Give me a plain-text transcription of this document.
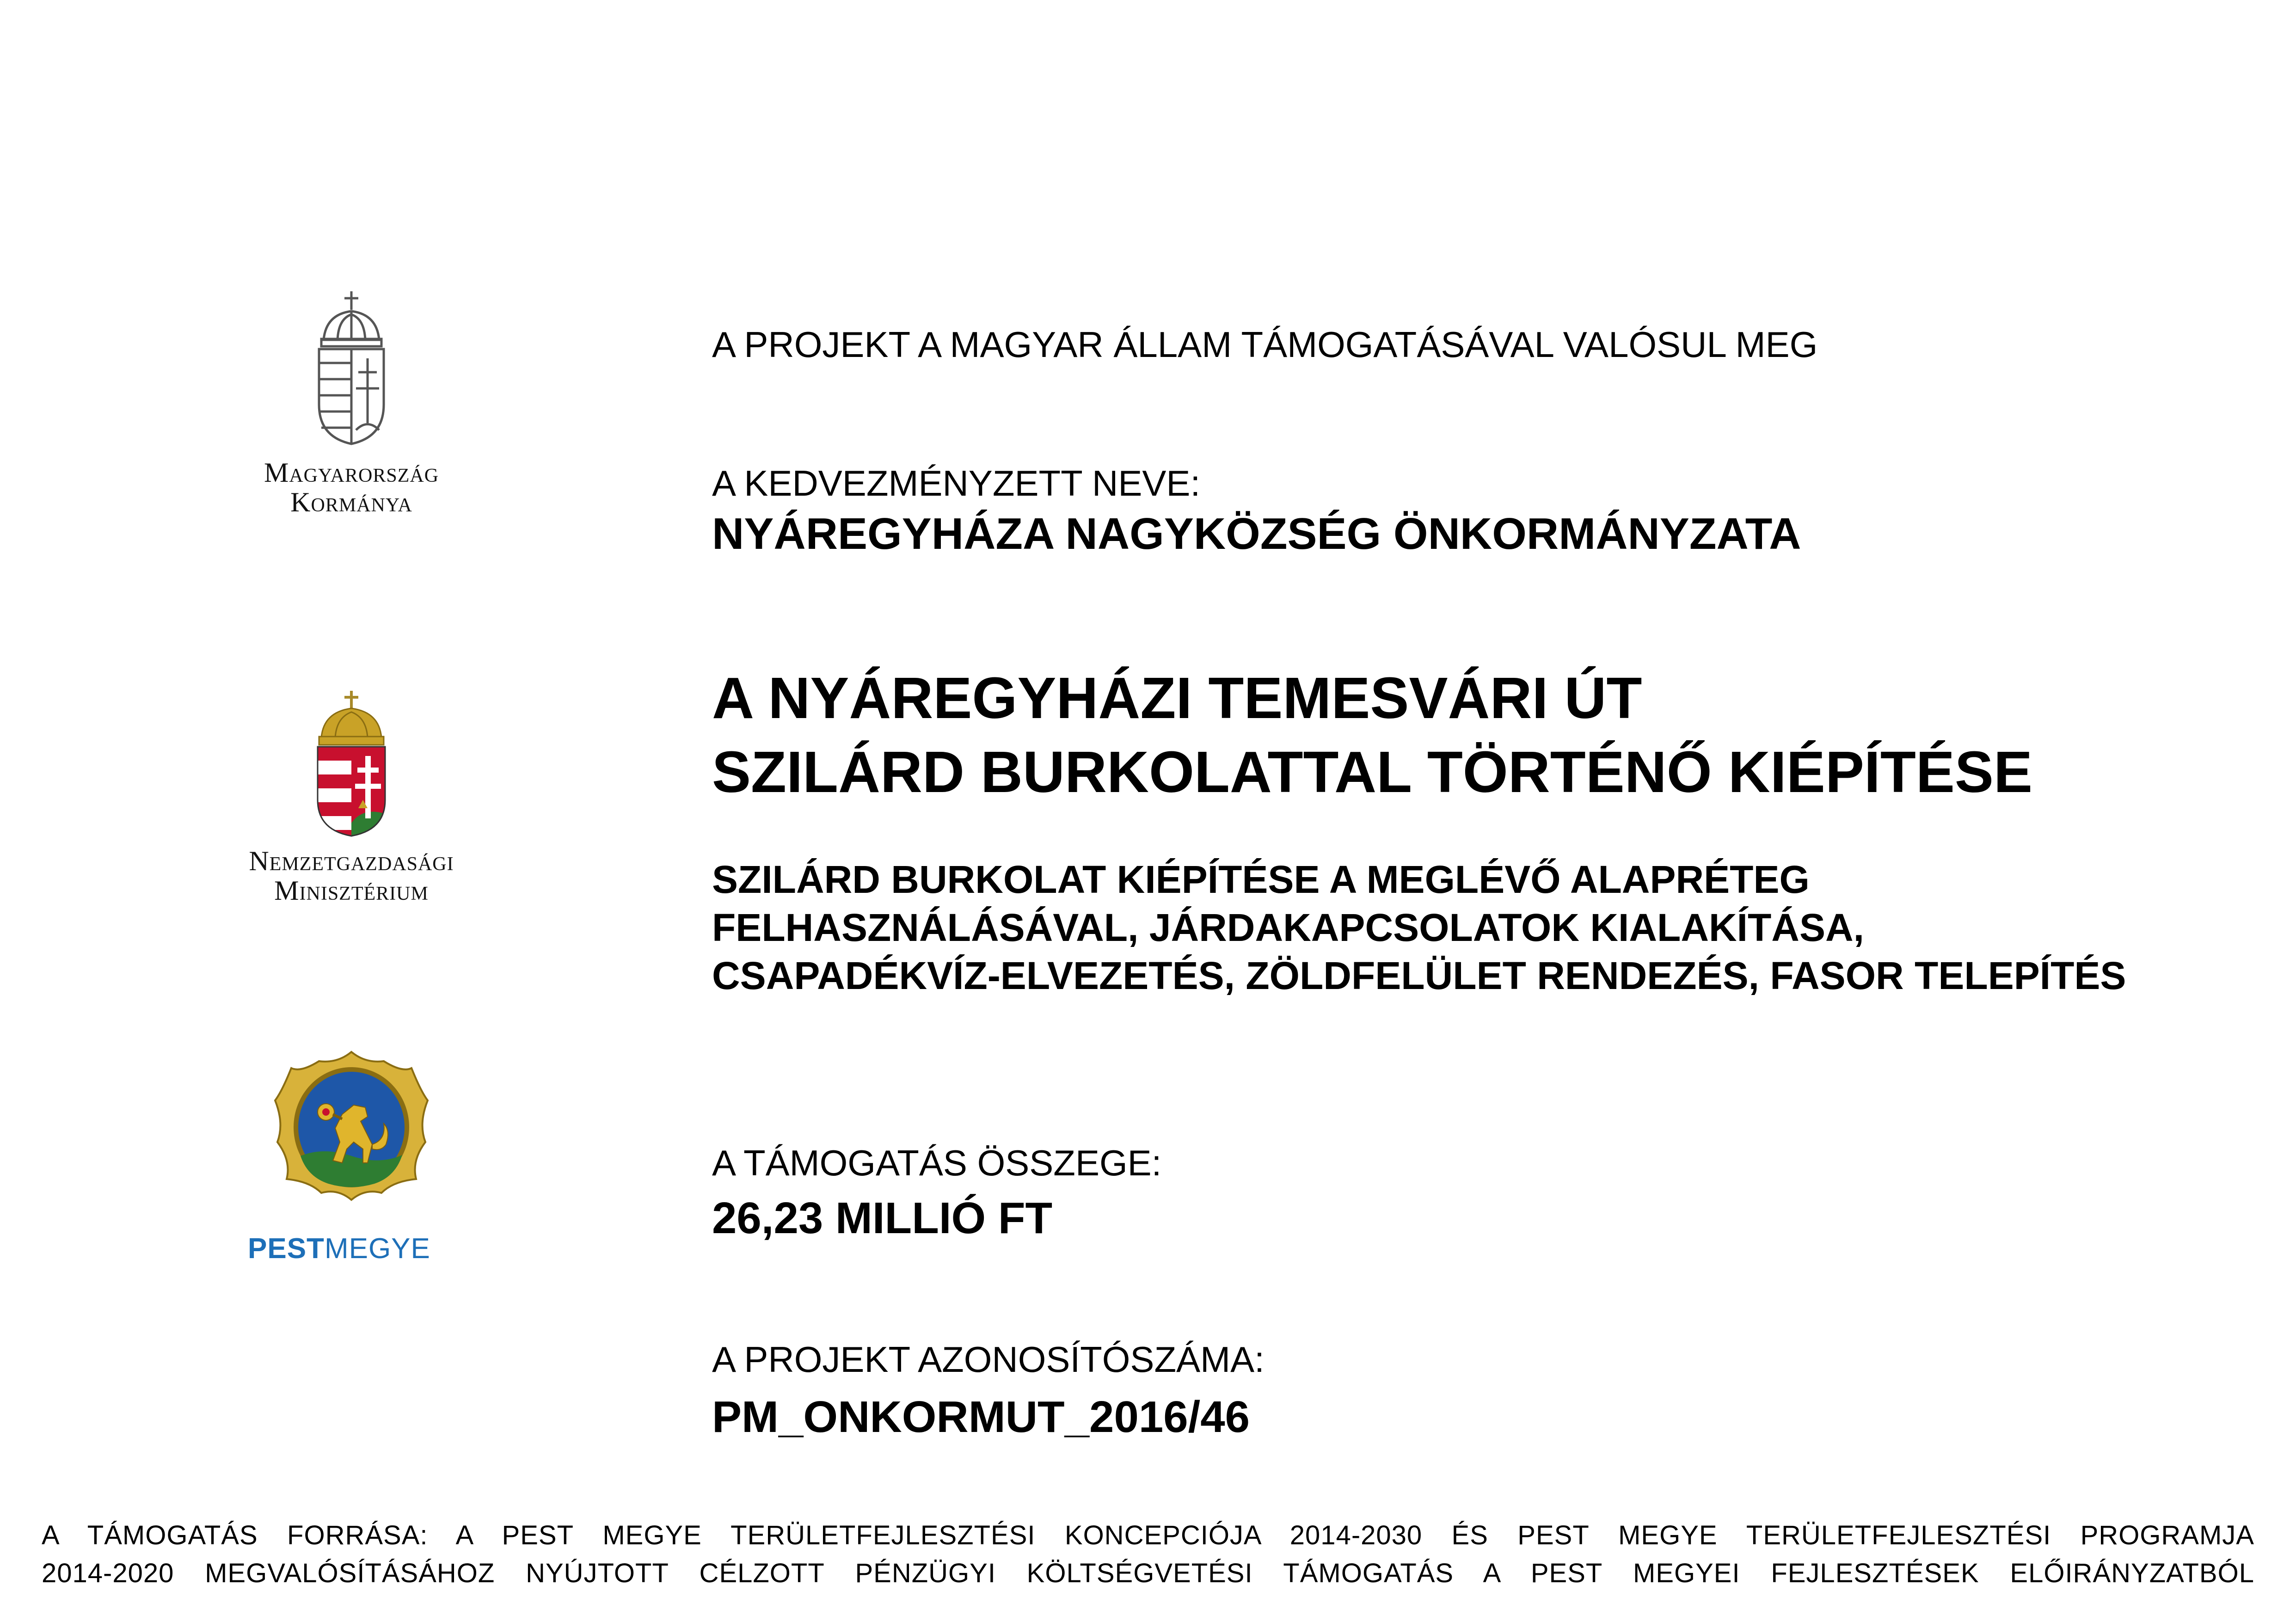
Magyarország
Kormánya
Nemzetgazdasági
Minisztérium
PESTMEGYE
A PROJEKT A MAGYAR ÁLLAM TÁMOGATÁSÁVAL VALÓSUL MEG
A KEDVEZMÉNYZETT NEVE:
NYÁREGYHÁZA NAGYKÖZSÉG ÖNKORMÁNYZATA
A NYÁREGYHÁZI TEMESVÁRI ÚT
SZILÁRD BURKOLATTAL TÖRTÉNŐ KIÉPÍTÉSE
SZILÁRD BURKOLAT KIÉPÍTÉSE A MEGLÉVŐ ALAPRÉTEG
FELHASZNÁLÁSÁVAL, JÁRDAKAPCSOLATOK KIALAKÍTÁSA,
CSAPADÉKVÍZ-ELVEZETÉS, ZÖLDFELÜLET RENDEZÉS, FASOR TELEPÍTÉS
A TÁMOGATÁS ÖSSZEGE:
26,23 MILLIÓ FT
A PROJEKT AZONOSÍTÓSZÁMA:
PM_ONKORMUT_2016/46
A TÁMOGATÁS FORRÁSA: A PEST MEGYE TERÜLETFEJLESZTÉSI KONCEPCIÓJA 2014-2030 ÉS PEST MEGYE TERÜLETFEJLESZTÉSI PROGRAMJA
2014-2020 MEGVALÓSÍTÁSÁHOZ NYÚJTOTT CÉLZOTT PÉNZÜGYI KÖLTSÉGVETÉSI TÁMOGATÁS A PEST MEGYEI FEJLESZTÉSEK ELŐIRÁNYZATBÓL
